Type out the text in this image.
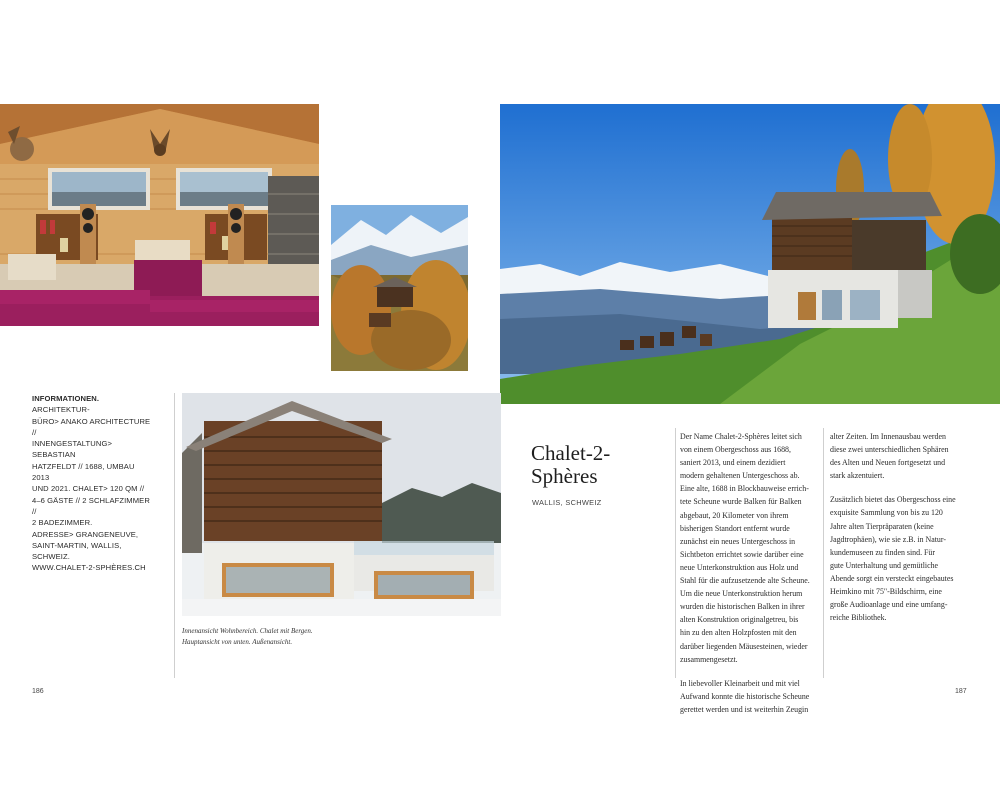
INFORMATIONEN. ARCHITEKTUR-
BÜRO> ANAKO ARCHITECTURE //
INNENGESTALTUNG> SEBASTIAN
HATZFELDT // 1688, UMBAU 2013
UND 2021. CHALET> 120 QM //
4–6 GÄSTE // 2 SCHLAFZIMMER //
2 BADEZIMMER.
ADRESSE> GRANGENEUVE,
SAINT-MARTIN, WALLIS, SCHWEIZ.
WWW.CHALET-2-SPHÈRES.CH
Innenansicht Wohnbereich. Chalet mit Bergen.
Hauptansicht von unten. Außenansicht.
186
Chalet-2-
Sphères
WALLIS, SCHWEIZ

Der Name Chalet-2-Sphères leitet sich
von einem Obergeschoss aus 1688,
saniert 2013, und einem dezidiert
modern gehaltenen Untergeschoss ab.
Eine alte, 1688 in Blockbauweise errich-
tete Scheune wurde Balken für Balken
abgebaut, 20 Kilometer von ihrem
bisherigen Standort entfernt wurde
zunächst ein neues Untergeschoss in
Sichtbeton errichtet sowie darüber eine
neue Unterkonstruktion aus Holz und
Stahl für die aufzusetzende alte Scheune.
Um die neue Unterkonstruktion herum
wurden die historischen Balken in ihrer
alten Konstruktion originalgetreu, bis
hin zu den alten Holzpfosten mit den
darüber liegenden Mäusesteinen, wieder
zusammengesetzt.

In liebevoller Kleinarbeit und mit viel
Aufwand konnte die historische Scheune
gerettet werden und ist weiterhin Zeugin

alter Zeiten. Im Innenausbau werden
diese zwei unterschiedlichen Sphären
des Alten und Neuen fortgesetzt und
stark akzentuiert.

Zusätzlich bietet das Obergeschoss eine
exquisite Sammlung von bis zu 120
Jahre alten Tierpräparaten (keine
Jagdtrophäen), wie sie z.B. in Natur-
kundemuseen zu finden sind. Für
gute Unterhaltung und gemütliche
Abende sorgt ein versteckt eingebautes
Heimkino mit 75"-Bildschirm, eine
große Audioanlage und eine umfang-
reiche Bibliothek.

187
